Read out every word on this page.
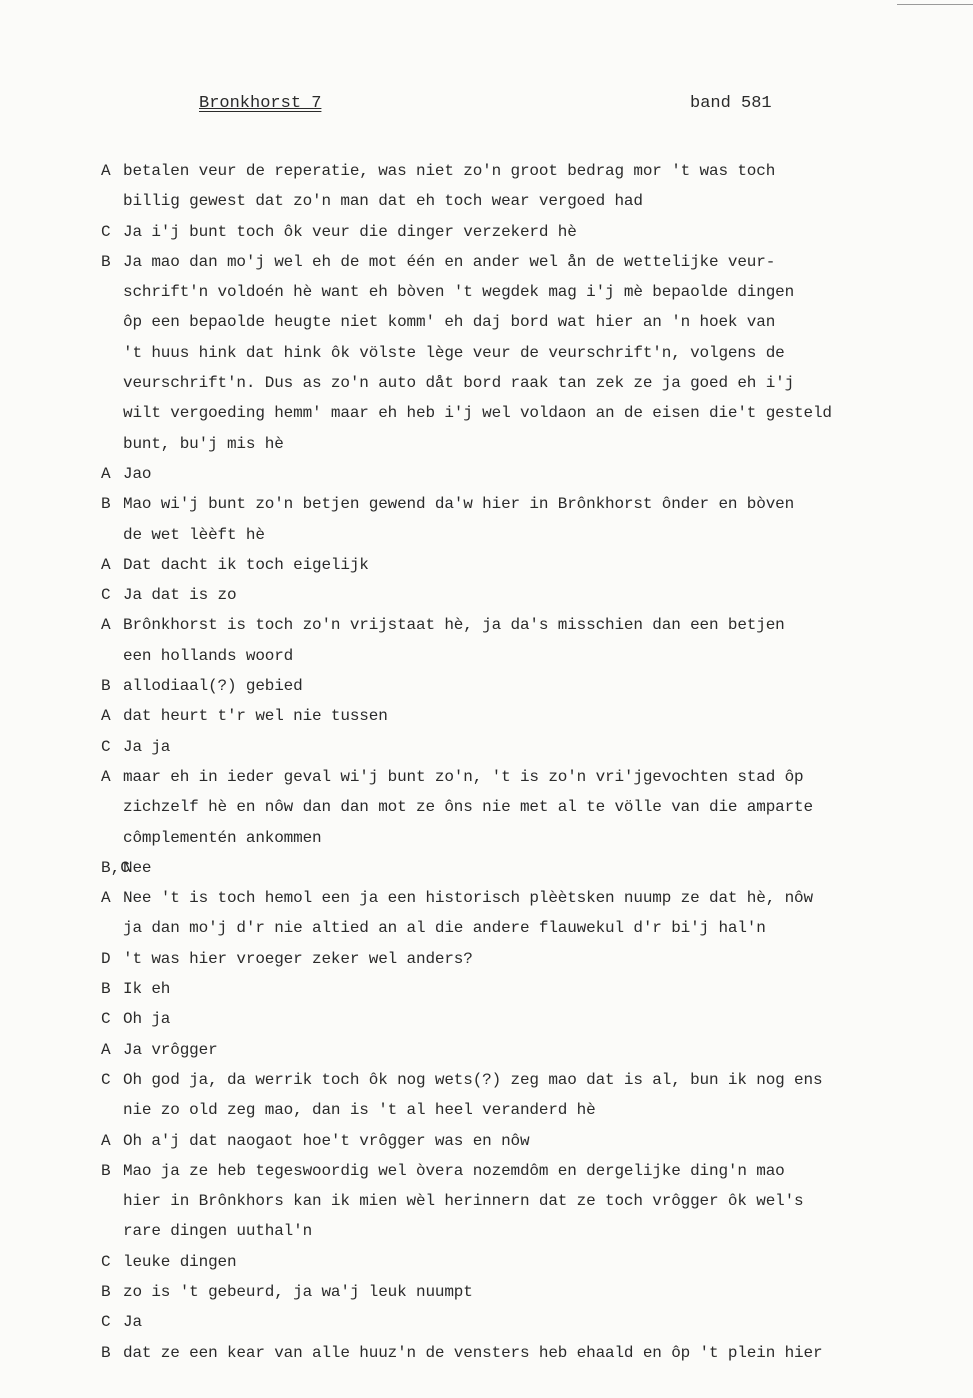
Bronkhorst 7	band 581
A betalen veur de reperatie, was niet zo'n groot bedrag mor 't was toch
billig gewest dat zo'n man dat eh toch wear vergoed had
C Ja i'j bunt toch ôk veur die dinger verzekerd hè
B Ja mao dan mo'j wel eh de mot één en ander wel ån de wettelijke veur-
schrift'n voldoén hè want eh bòven 't wegdek mag i'j mè bepaolde dingen
ôp een bepaolde heugte niet komm' eh daj bord wat hier an 'n hoek van
't huus hink dat hink ôk völste lège veur de veurschrift'n, volgens de
veurschrift'n. Dus as zo'n auto dåt bord raak tan zek ze ja goed eh i'j
wilt vergoeding hemm' maar eh heb i'j wel voldaon an de eisen die't gesteld
bunt, bu'j mis hè
A Jao
B Mao wi'j bunt zo'n betjen gewend da'w hier in Brônkhorst ônder en bòven
de wet lèèft hè
A Dat dacht ik toch eigelijk
C Ja dat is zo
A Brônkhorst is toch zo'n vrijstaat hè, ja da's misschien dan een betjen
een hollands woord
B allodiaal(?) gebied
A dat heurt t'r wel nie tussen
C Ja ja
A maar eh in ieder geval wi'j bunt zo'n, 't is zo'n vri'jgevochten stad ôp
zichzelf hè en nôw dan dan mot ze ôns nie met al te völle van die amparte
cômplementén ankommen
B,C
Nee
A Nee 't is toch hemol een ja een historisch plèètsken nuump ze dat hè, nôw
ja dan mo'j d'r nie altied an al die andere flauwekul d'r bi'j hal'n
D 't was hier vroeger zeker wel anders?
B Ik eh
C Oh ja
A Ja vrôgger
C Oh god ja, da werrik toch ôk nog wets(?) zeg mao dat is al, bun ik nog ens
nie zo old zeg mao, dan is 't al heel veranderd hè
A Oh a'j dat naogaot hoe't vrôgger was en nôw
B Mao ja ze heb tegeswoordig wel òvera nozemdôm en dergelijke ding'n mao
hier in Brônkhors kan ik mien wèl herinnern dat ze toch vrôgger ôk wel's
rare dingen uuthal'n
C leuke dingen
B zo is 't gebeurd, ja wa'j leuk nuumpt
C Ja
B dat ze een kear van alle huuz'n de vensters heb ehaald en ôp 't plein hier
